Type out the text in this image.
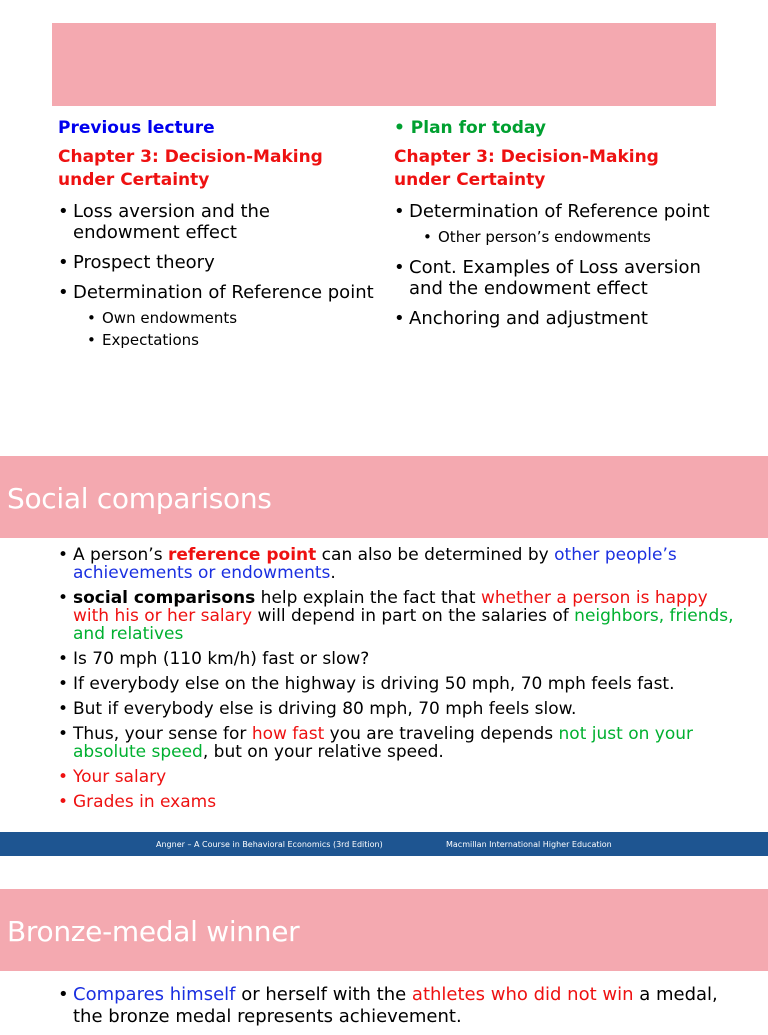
Previous lecture
Chapter 3: Decision-Making under Certainty
• Loss aversion and the endowment effect
• Prospect theory
• Determination of Reference point
• Own endowments
• Expectations
• Plan for today
Chapter 3: Decision-Making under Certainty
• Determination of Reference point
• Other person’s endowments
• Cont. Examples of Loss aversion and the endowment effect
• Anchoring and adjustment
Social comparisons
• A person’s reference point can also be determined by other people’s achievements or endowments.
• social comparisons help explain the fact that whether a person is happy with his or her salary will depend in part on the salaries of neighbors, friends, and relatives
• Is 70 mph (110 km/h) fast or slow?
• If everybody else on the highway is driving 50 mph, 70 mph feels fast.
• But if everybody else is driving 80 mph, 70 mph feels slow.
• Thus, your sense for how fast you are traveling depends not just on your absolute speed, but on your relative speed.
• Your salary
• Grades in exams
Angner – A Course in Behavioral Economics (3rd Edition)	Macmillan International Higher Education
Bronze-medal winner
• Compares himself or herself with the athletes who did not win a medal, the bronze medal represents achievement.
